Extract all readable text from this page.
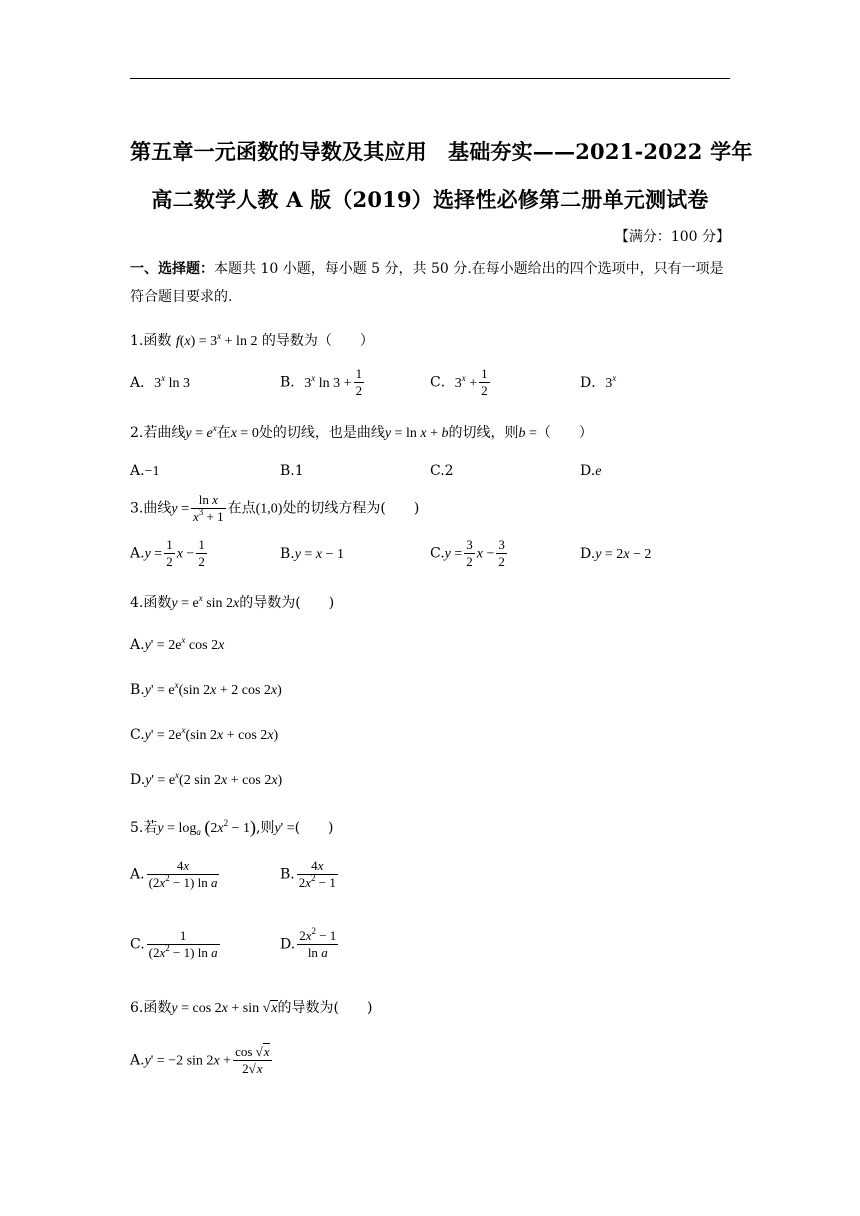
第五章一元函数的导数及其应用　基础夯实——2021-2022 学年
高二数学人教 A 版（2019）选择性必修第二册单元测试卷
【满分：100 分】
一、选择题：本题共 10 小题，每小题 5 分，共 50 分.在每小题给出的四个选项中，只有一项是符合题目要求的.
1.函数 $f(x) = 3^x + \ln 2$ 的导数为（　　）
A．3$^x$ ln 3	B．3$^x$ $\ln 3 + \frac{1}{2}$	C．$3^x + \frac{1}{2}$	D．3$^x$
2.若曲线$y = e^x$在x = 0处的切线，也是曲线y = ln x + b的切线，则b =（　　）
A.−1	B.1	C.2	D.e
3.曲线$y = \frac{\text{ln x}}{x^3 + 1}$ 在点(1,0)处的切线方程为(　　)
$A.y = \frac{1}{2}$ $x - \frac{1}{2}$	B.y = x − 1	$C.y = \frac{3}{2}$ $x - \frac{3}{2}$	D.y = 2x − 2
4.函数$y = e^x$ sin 2x的导数为(　　)
$A.y' = 2e^x$ cos 2x
$B.y' = e^x(\sin$ 2x + 2 cos 2x)
$C.y' = 2e^x(\sin$ 2x + cos 2x)
$D.y' = e^x(2$ sin 2x + cos 2x)
5.若$y = \log_a (2x^2 - 1)$,则y' =(　　)
A. $\frac{4x}{(2x^2 - 1) \ln a}$	B. $\frac{4x}{2x^2 - 1}$
C. $\frac{1}{(2x^2 - 1) \ln a}$	D. $\frac{2x^2 - 1}{\text{ln a}}$
6.函数y = cos 2x + sin √x的导数为(　　)
A.y' = −2 $\sin 2x + \frac{\cos √x}{2√x}$
